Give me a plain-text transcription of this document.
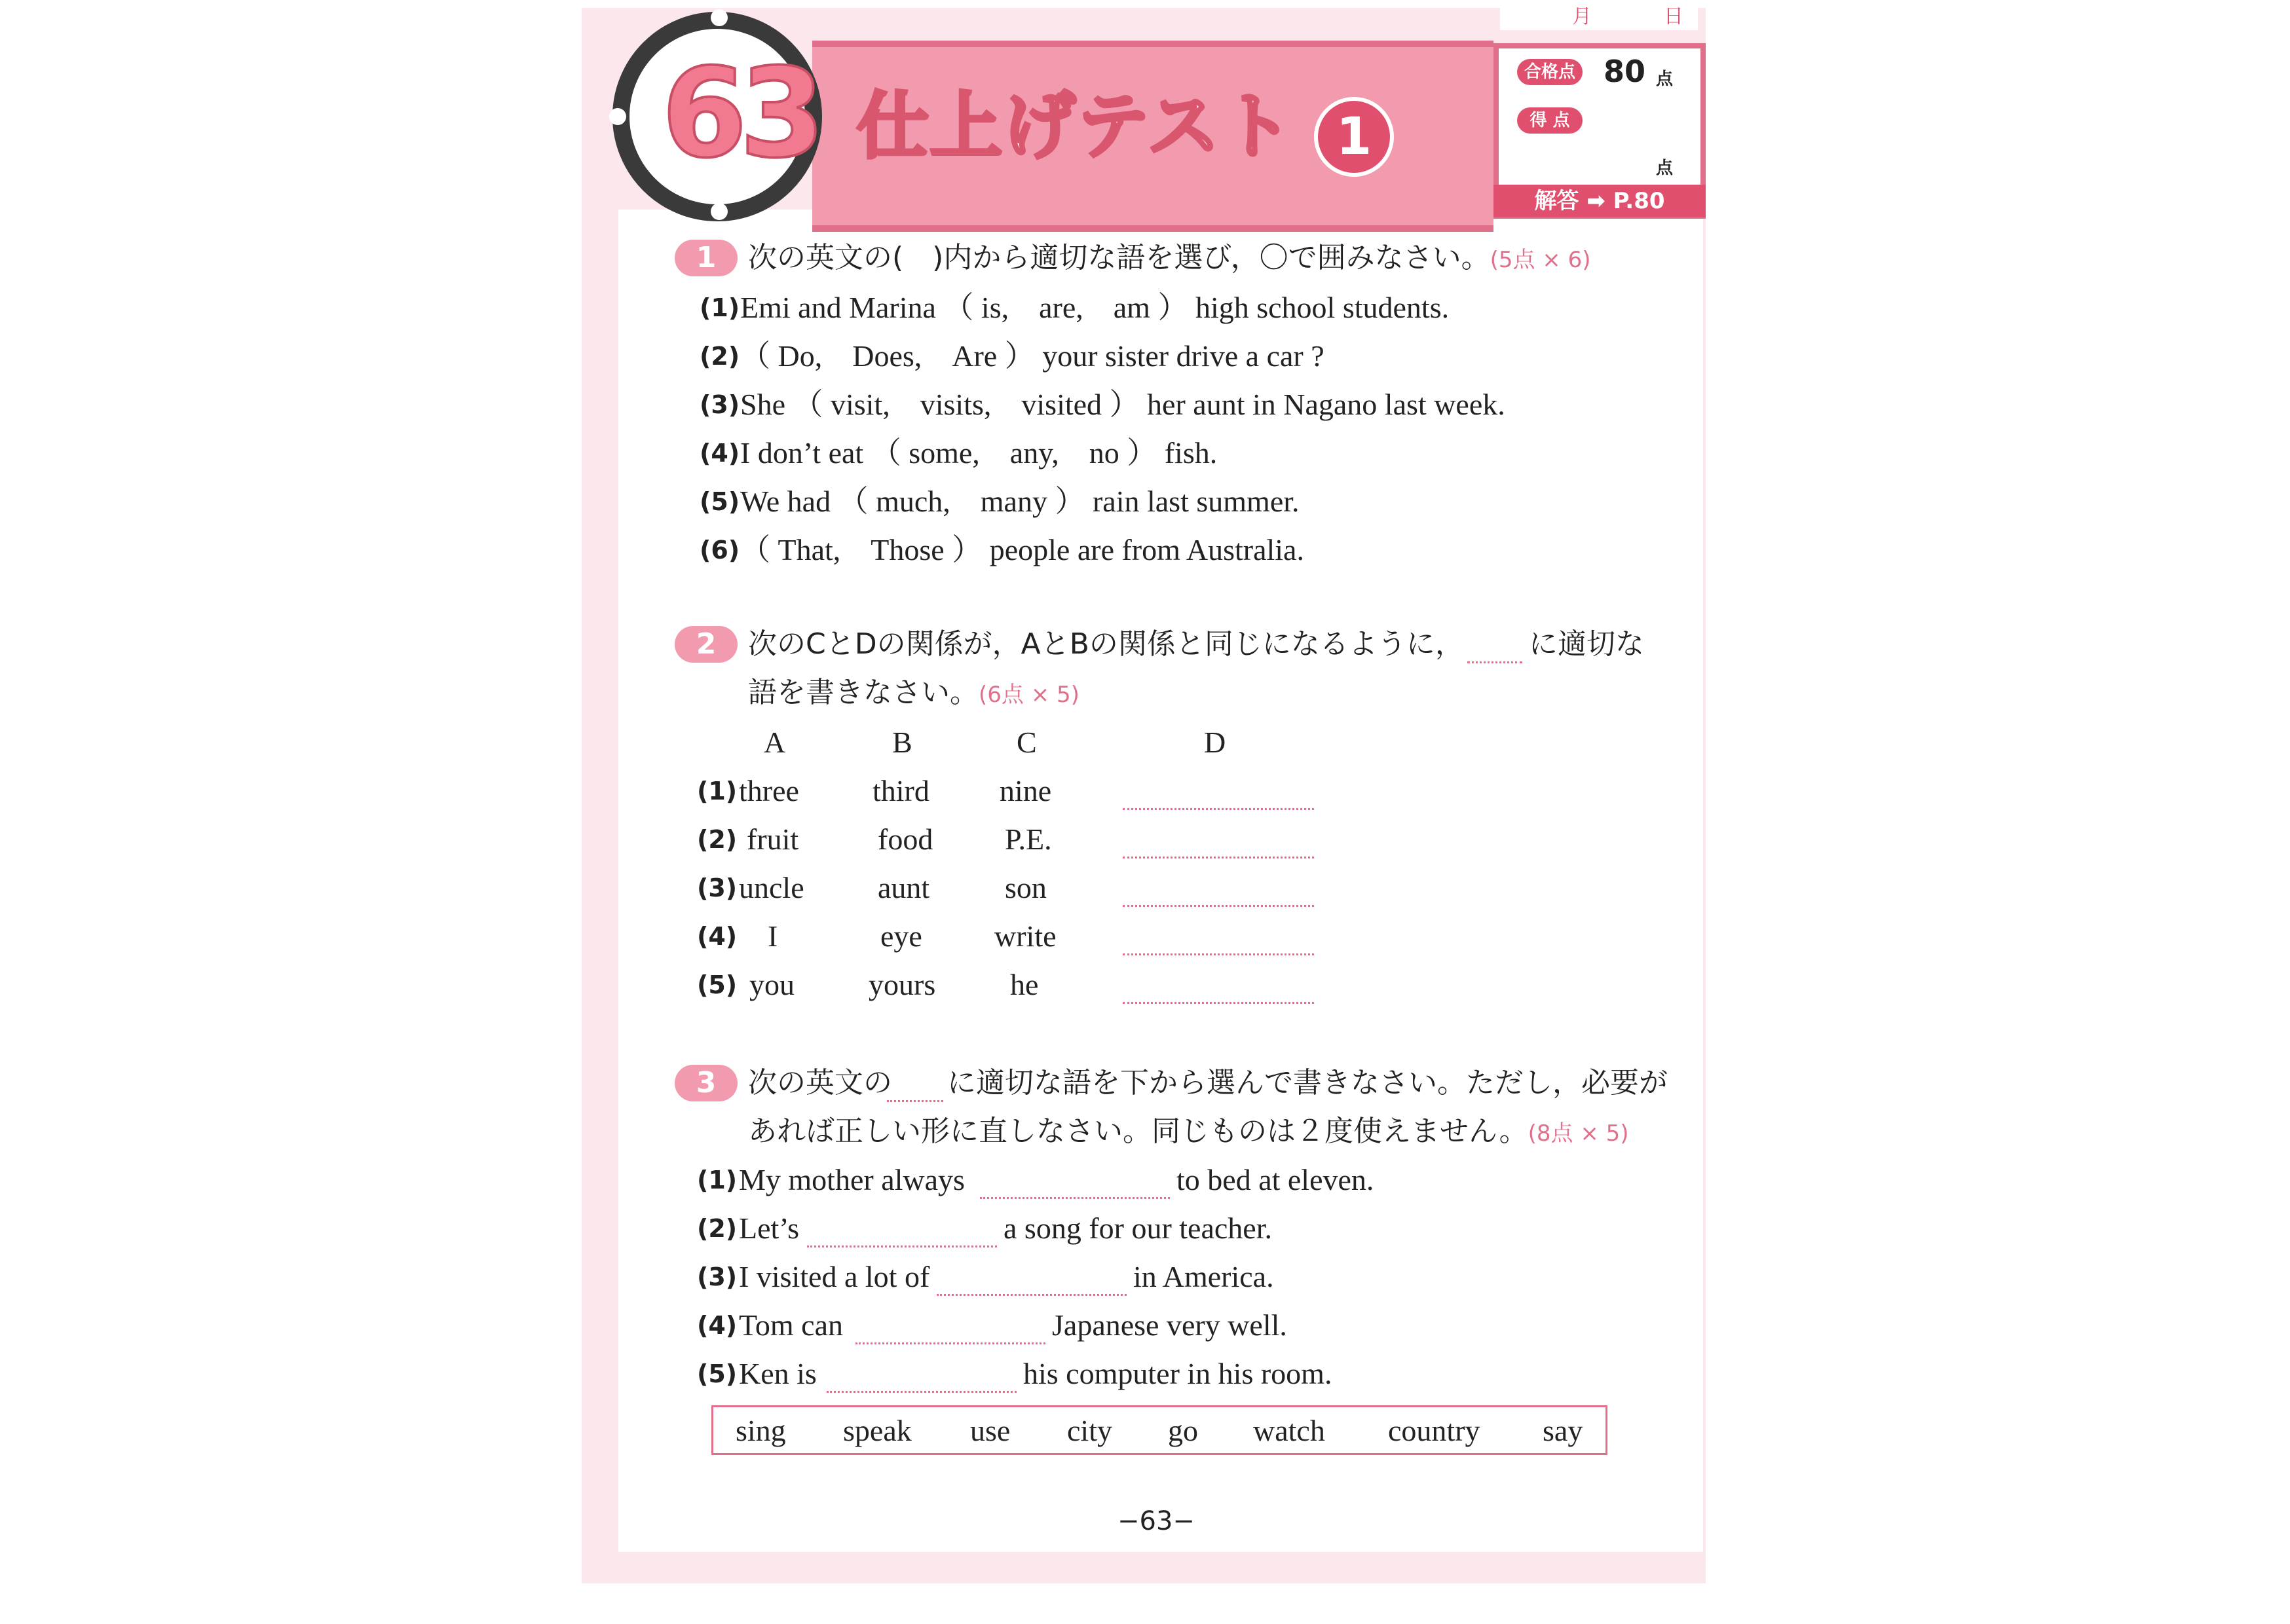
63 仕上げテスト 1
月	日
合格点 80 点
得 点
点
解答 ➡ P.80
1	次の英文の(　)内から適切な語を選び，〇で囲みなさい。(5点 × 6)
(1) Emi and Marina （ is,　are,　am ） high school students.
(2) （ Do,　Does,　Are ） your sister drive a car ?
(3) She （ visit,　visits,　visited ） her aunt in Nagano last week.
(4) I don’t eat （ some,　any,　no ） fish.
(5) We had （ much,　many ） rain last summer.
(6) （ That,　Those ） people are from Australia.
2	次のCとDの関係が，AとBの関係と同じになるように， に適切な
語を書きなさい。(6点 × 5)
A	B	C	D
(1) three third nine
(2) fruit	food P.E.
(3) uncle aunt son
(4) I	eye write
(5) you yours he
3	次の英文の に適切な語を下から選んで書きなさい。ただし，必要が
あれば正しい形に直しなさい。同じものは２度使えません。(8点 × 5)
(1) My mother always	to bed at eleven.
(2) Let’s	a song for our teacher.
(3) I visited a lot of	in America.
(4) Tom can	Japanese very well.
(5) Ken is	his computer in his room.
sing speak use city go watch country say
−63−
